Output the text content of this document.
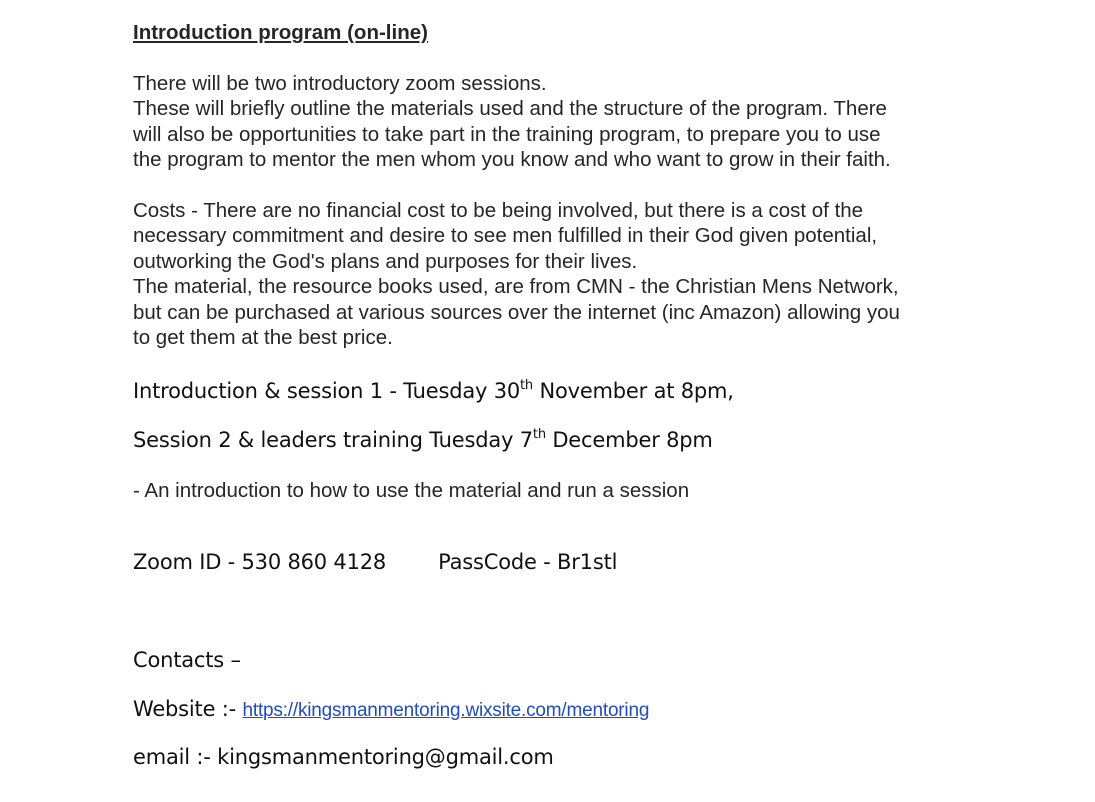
Introduction program (on-line)
There will be two introductory zoom sessions.
These will briefly outline the materials used and the structure of the program. There
will also be opportunities to take part in the training program, to prepare you to use
the program to mentor the men whom you know and who want to grow in their faith.
Costs - There are no financial cost to be being involved, but there is a cost of the
necessary commitment and desire to see men fulfilled in their God given potential,
outworking the God's plans and purposes for their lives.
The material, the resource books used, are from CMN - the Christian Mens Network,
but can be purchased at various sources over the internet (inc Amazon) allowing you
to get them at the best price.
Introduction & session 1 - Tuesday 30th November at 8pm,
Session 2 & leaders training Tuesday 7th December 8pm
- An introduction to how to use the material and run a session
Zoom ID - 530 860 4128 PassCode - Br1stl
Contacts –
Website :- https://kingsmanmentoring.wixsite.com/mentoring
email :- kingsmanmentoring@gmail.com
